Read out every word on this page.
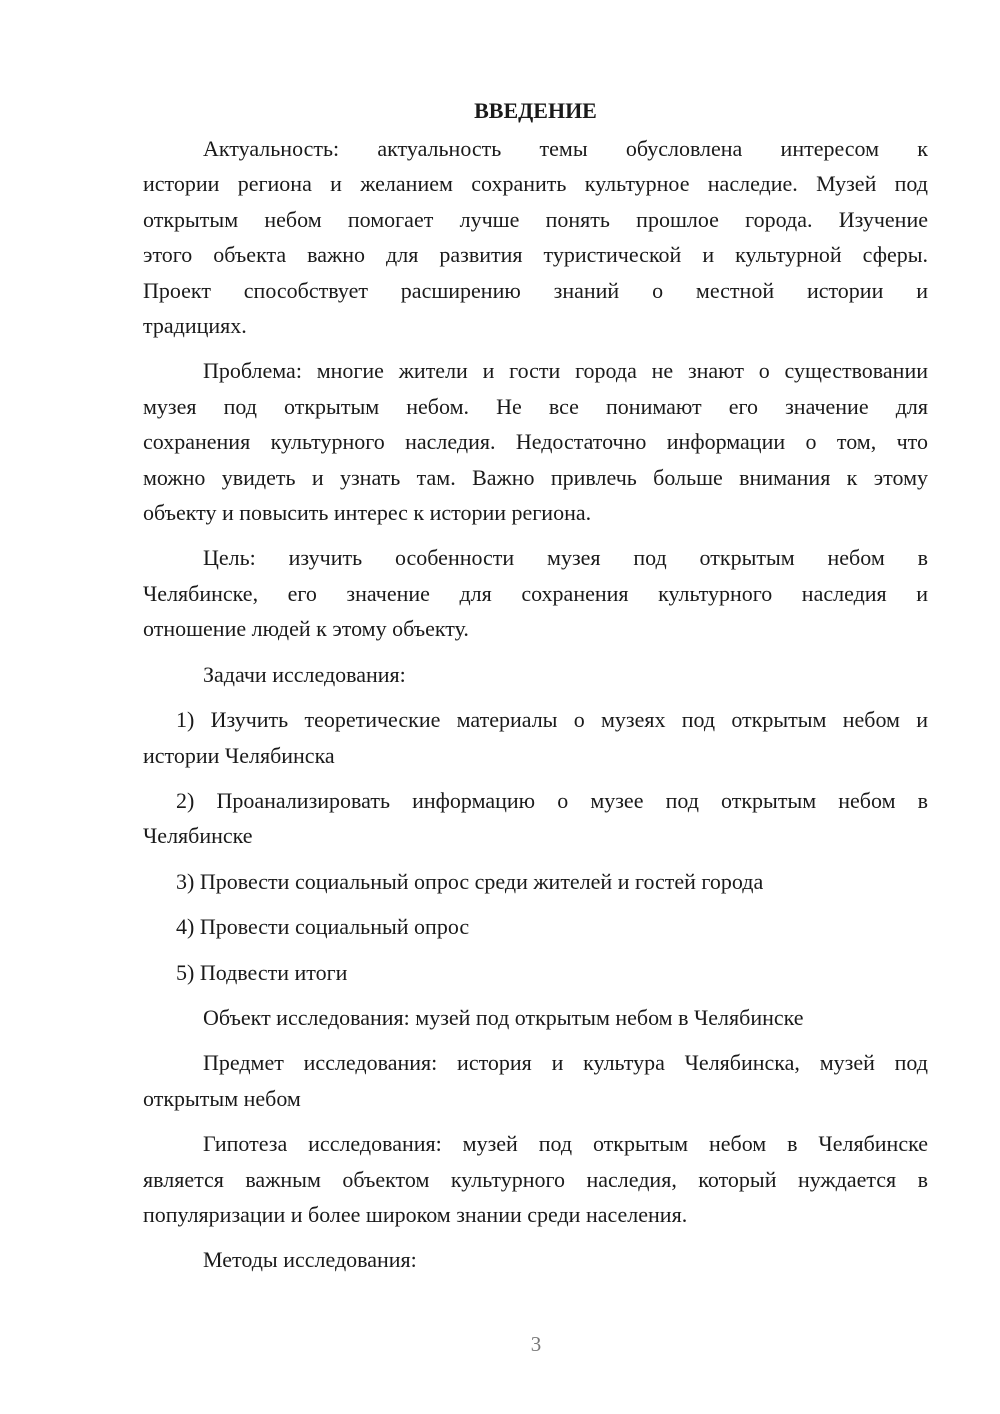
ВВЕДЕНИЕ
Актуальность: актуальность темы обусловлена интересом к
истории региона и желанием сохранить культурное наследие. Музей под
открытым небом помогает лучше понять прошлое города. Изучение
этого объекта важно для развития туристической и культурной сферы.
Проект способствует расширению знаний о местной истории и
традициях.
Проблема: многие жители и гости города не знают о существовании
музея под открытым небом. Не все понимают его значение для
сохранения культурного наследия. Недостаточно информации о том, что
можно увидеть и узнать там. Важно привлечь больше внимания к этому
объекту и повысить интерес к истории региона.
Цель: изучить особенности музея под открытым небом в
Челябинске, его значение для сохранения культурного наследия и
отношение людей к этому объекту.
Задачи исследования:
1) Изучить теоретические материалы о музеях под открытым небом и
истории Челябинска
2) Проанализировать информацию о музее под открытым небом в
Челябинске
3) Провести социальный опрос среди жителей и гостей города
4) Провести социальный опрос
5) Подвести итоги
Объект исследования: музей под открытым небом в Челябинске
Предмет исследования: история и культура Челябинска, музей под
открытым небом
Гипотеза исследования: музей под открытым небом в Челябинске
является важным объектом культурного наследия, который нуждается в
популяризации и более широком знании среди населения.
Методы исследования:
3
